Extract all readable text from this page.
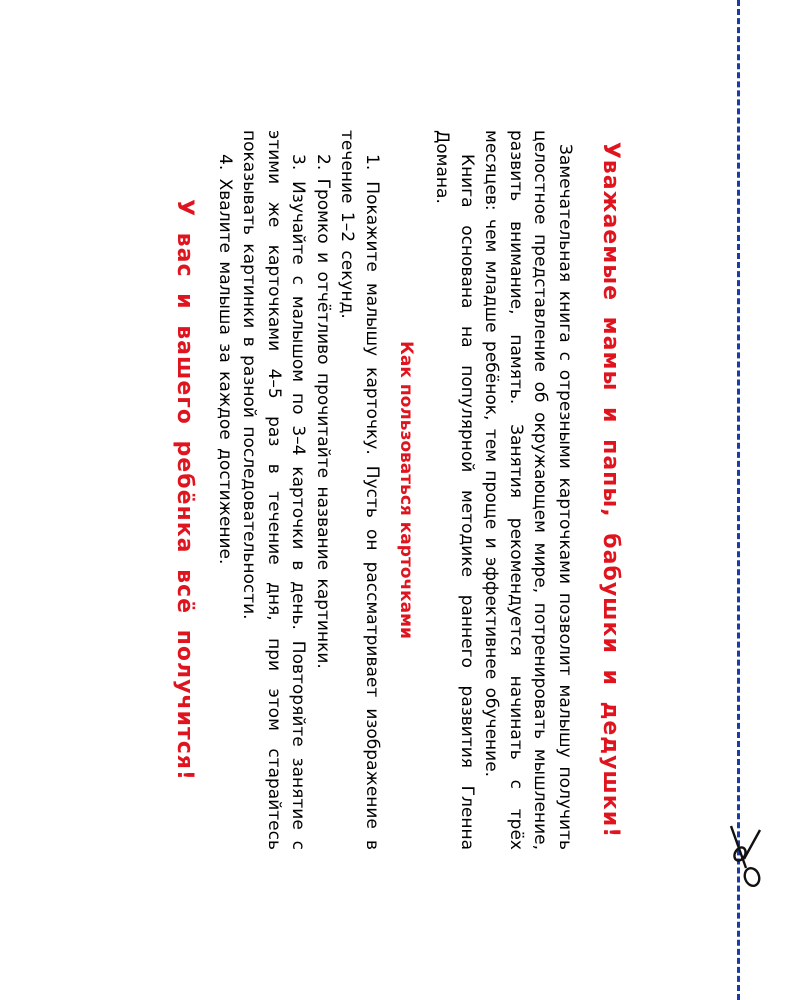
Уважаемые мамы и папы, бабушки и дедушки!

Замечательная книга с отрезными карточками позволит малышу получить целостное представление об окружающем мире, потренировать мышление, развить внимание, память. Занятия рекомендуется начинать с трёх месяцев: чем младше ребёнок, тем проще и эффективнее обучение.

Книга основана на популярной методике раннего развития Гленна Домана.

Как пользоваться карточками

1. Покажите малышу карточку. Пусть он рассматривает изображение в течение 1–2 секунд.

2. Громко и отчётливо прочитайте название картинки.

3. Изучайте с малышом по 3–4 карточки в день. Повторяйте занятие с этими же карточками 4–5 раз в течение дня, при этом старайтесь показывать картинки в разной последовательности.

4. Хвалите малыша за каждое достижение.

У вас и вашего ребёнка всё получится!
